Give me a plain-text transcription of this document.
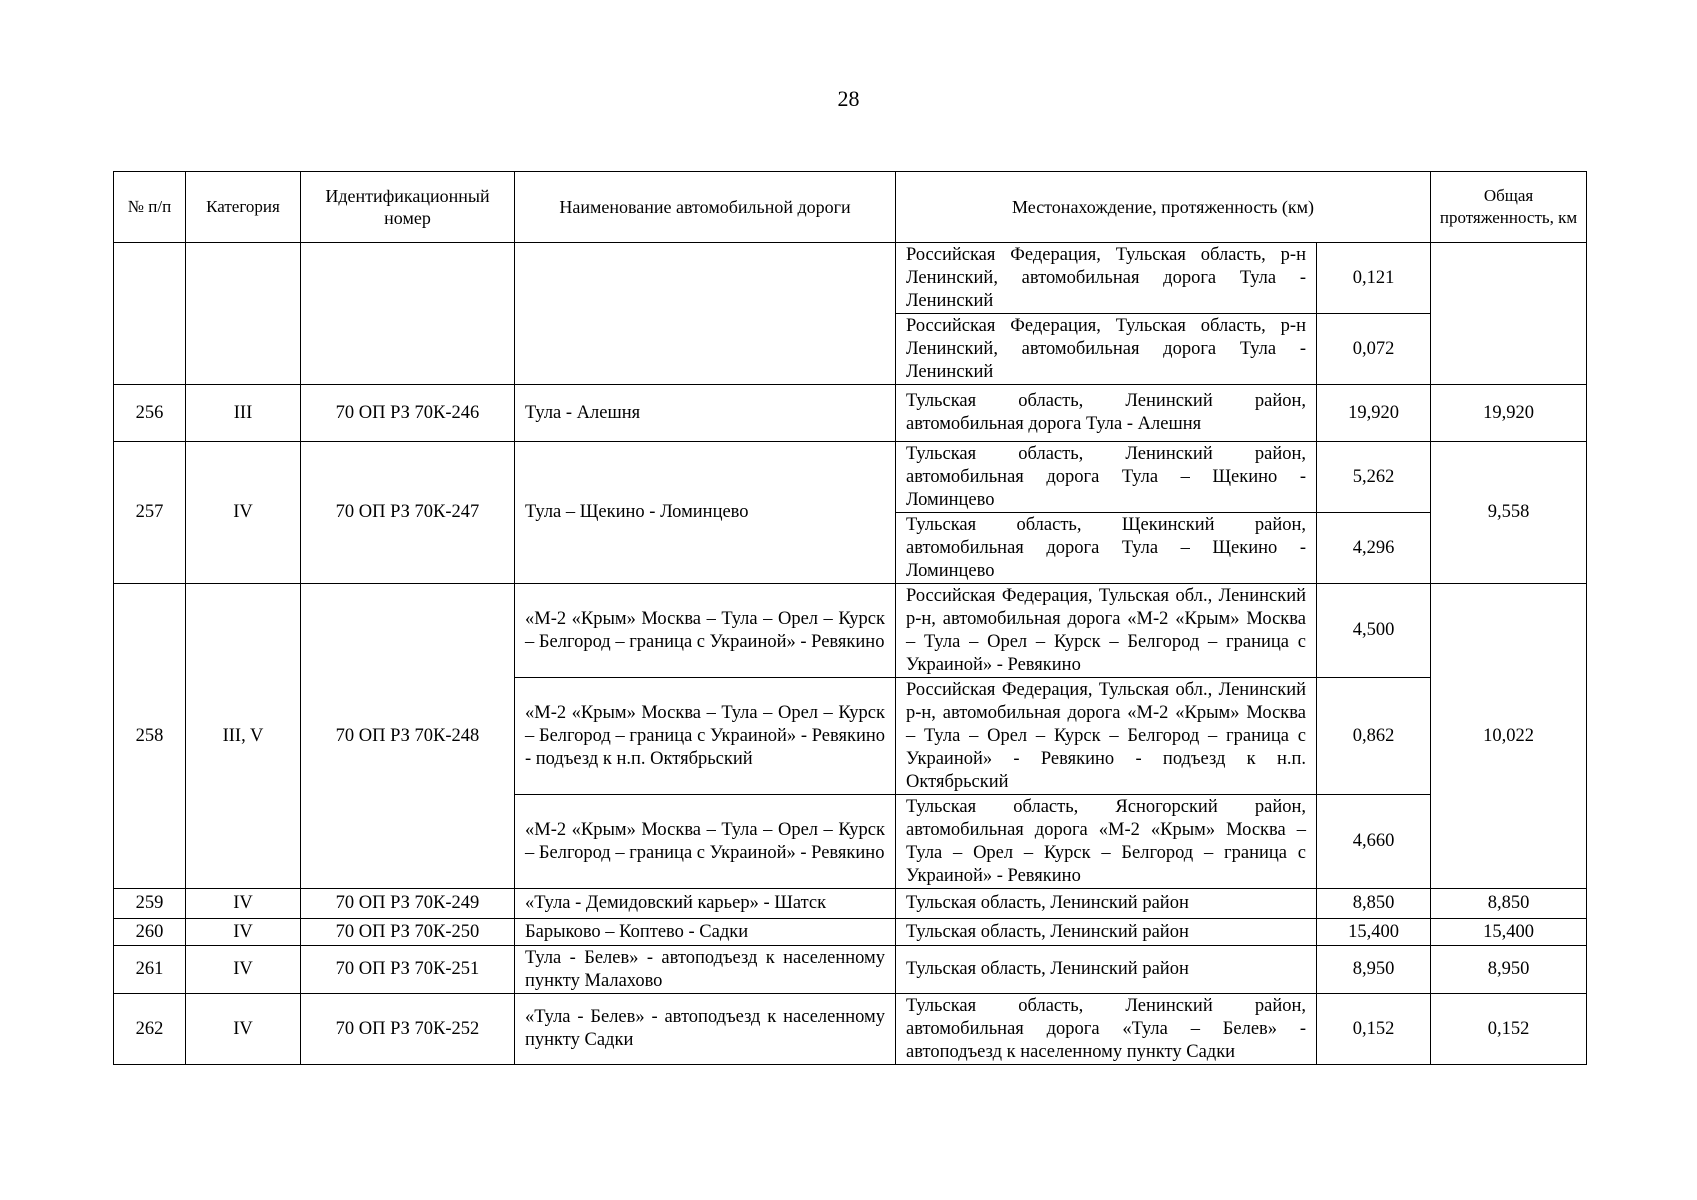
28
№ п/п	Категория	Идентификационный номер	Наименование автомобильной дороги	Местонахождение, протяженность (км)		Общая протяженность, км
				Российская Федерация, Тульская область, р-н Ленинский, автомобильная дорога Тула - Ленинский	0,121	
				Российская Федерация, Тульская область, р-н Ленинский, автомобильная дорога Тула - Ленинский	0,072	
256	III	70 ОП РЗ 70К-246	Тула - Алешня	Тульская область, Ленинский район, автомобильная дорога Тула - Алешня	19,920	19,920
257	IV	70 ОП РЗ 70К-247	Тула – Щекино - Ломинцево	Тульская область, Ленинский район, автомобильная дорога Тула – Щекино - Ломинцево	5,262	9,558
				Тульская область, Щекинский район, автомобильная дорога Тула – Щекино - Ломинцево	4,296	
258	III, V	70 ОП РЗ 70К-248	«М-2 «Крым» Москва – Тула – Орел – Курск – Белгород – граница с Украиной» - Ревякино	Российская Федерация, Тульская обл., Ленинский р-н, автомобильная дорога «М-2 «Крым» Москва – Тула – Орел – Курск – Белгород – граница с Украиной» - Ревякино	4,500	10,022
			«М-2 «Крым» Москва – Тула – Орел – Курск – Белгород – граница с Украиной» - Ревякино - подъезд к н.п. Октябрьский	Российская Федерация, Тульская обл., Ленинский р-н, автомобильная дорога «М-2 «Крым» Москва – Тула – Орел – Курск – Белгород – граница с Украиной» - Ревякино - подъезд к н.п. Октябрьский	0,862	
			«М-2 «Крым» Москва – Тула – Орел – Курск – Белгород – граница с Украиной» - Ревякино	Тульская область, Ясногорский район, автомобильная дорога «М-2 «Крым» Москва – Тула – Орел – Курск – Белгород – граница с Украиной» - Ревякино	4,660	
259	IV	70 ОП РЗ 70К-249	«Тула - Демидовский карьер» - Шатск	Тульская область, Ленинский район	8,850	8,850
260	IV	70 ОП РЗ 70К-250	Барыково – Коптево - Садки	Тульская область, Ленинский район	15,400	15,400
261	IV	70 ОП РЗ 70К-251	Тула - Белев» - автоподъезд к населенному пункту Малахово	Тульская область, Ленинский район	8,950	8,950
262	IV	70 ОП РЗ 70К-252	«Тула - Белев» - автоподъезд к населенному пункту Садки	Тульская область, Ленинский район, автомобильная дорога «Тула – Белев» - автоподъезд к населенному пункту Садки	0,152	0,152
